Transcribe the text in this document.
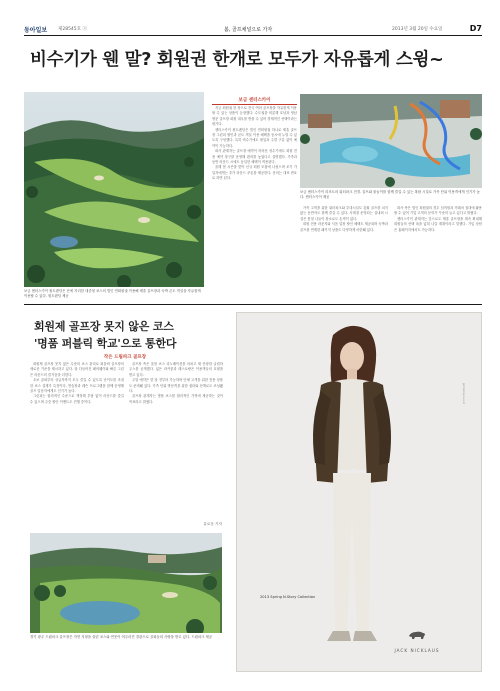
동아일보 제28545호 ⓢ	봄, 골프채널으로 가자	2013년 3월 20일 수요일	D7
비수기가 웬 말? 회원권 한개로 모두가 자유롭게 스윙~
보금 센터스카이 원트랜딩은 산에 자리한 대중형 코스의 법인 연회원권 이용해 제휴 골프장과 숙박 콘도 객실을 자유롭게 이용할 수 있다. 원트랜딩 제공
보금 센터스카이

지금 회원권 한 장으로 전국 여러 골프장을 자유롭게 이용할 수 있는 상품이 등장했다. 수도권을 비롯해 호남과 영남 명문 골프장 회원 대우를 받을 수 있어 경제적인 선택이라는 평가다.

센터스카이 원트랜딩은 법인 연회원권 하나로 제휴 골프장 그린피 할인과 콘도 객실 이용 혜택을 동시에 누릴 수 있도록 구성했다. 특히 비수기에도 평일과 주말 구분 없이 예약이 가능하다.

회사 관계자는 골프장 예약이 어려운 성수기에도 회원 전용 예약 창구를 운영해 편의를 높였다고 설명했다. 가족과 동반 라운드 시에도 동일한 혜택이 적용된다.

올해 봄 시즌을 맞아 신규 회원 모집에 나섰으며 조기 가입자에게는 추가 라운드 쿠폰을 제공한다. 문의는 대표 번호로 하면 된다.

보금 센터스카이 리조트의 워터파크 전경. 골프와 물놀이를 함께 즐길 수 있는 복합 시설로 가족 단위 이용객에게 인기가 높다. 센터스카이 제공

가족 고객을 위한 워터파크와 부대시설도 갖춰 골프를 치지 않는 동반자도 함께 즐길 수 있다. 사계절 운영되는 실내외 시설은 봄철 나들이 장소로도 손색이 없다.

회원 전용 라운지와 식음 업장 할인 혜택도 제공되며 숙박과 골프를 연계한 패키지 상품도 다양하게 마련돼 있다.

회사 측은 법인 회원권의 경우 임직원과 거래처 접대에 활용할 수 있어 기업 고객의 문의가 꾸준히 늘고 있다고 밝혔다.

센터스카이 관계자는 앞으로도 제휴 골프장을 계속 확대해 회원들의 선택 폭을 넓혀 나갈 계획이라고 말했다. 가입 상담은 홈페이지에서도 가능하다.

회원제 골프장 못지 않은 코스
'명품 퍼블릭 학교'으로 통한다
작은 드림파크 골프장

회원제 골프장 못지 않은 수준의 코스 관리로 퍼블릭 골프장의 새로운 기준을 제시하고 있다. 잘 다듬어진 페어웨이와 빠른 그린은 라운드의 즐거움을 더한다.

초보 골퍼부터 상급자까지 모두 즐길 수 있도록 난이도를 조절한 코스 설계가 특징이다. 연습장과 레슨 프로그램을 함께 운영해 골프 입문자에게도 인기가 높다.

그린피는 합리적인 수준으로 책정해 부담 없이 라운드를 즐길 수 있으며 주중 할인 이벤트도 진행 중이다.

골프장 측은 올봄 코스 리노베이션을 마치고 새 단장한 클럽하우스를 공개했다. 넓은 라커룸과 레스토랑은 이용객들의 호평을 받고 있다.

주말 예약은 한 달 전부터 가능하며 단체 고객을 위한 전용 상품도 준비돼 있다. 가족 단위 방문객을 위한 쉼터와 산책로도 조성됐다.

골프장 관계자는 명품 코스를 합리적인 가격에 제공하는 것이 목표라고 밝혔다.

유로운 기자
경기 광주 드림파크 골프장은 자연 지형을 살린 코스와 연못이 어우러진 경관으로 골퍼들의 사랑을 받고 있다. 드림파크 제공
jacknicklaus.co.kr
2013 Spring N.Story Collection
JACK NICKLAUS
